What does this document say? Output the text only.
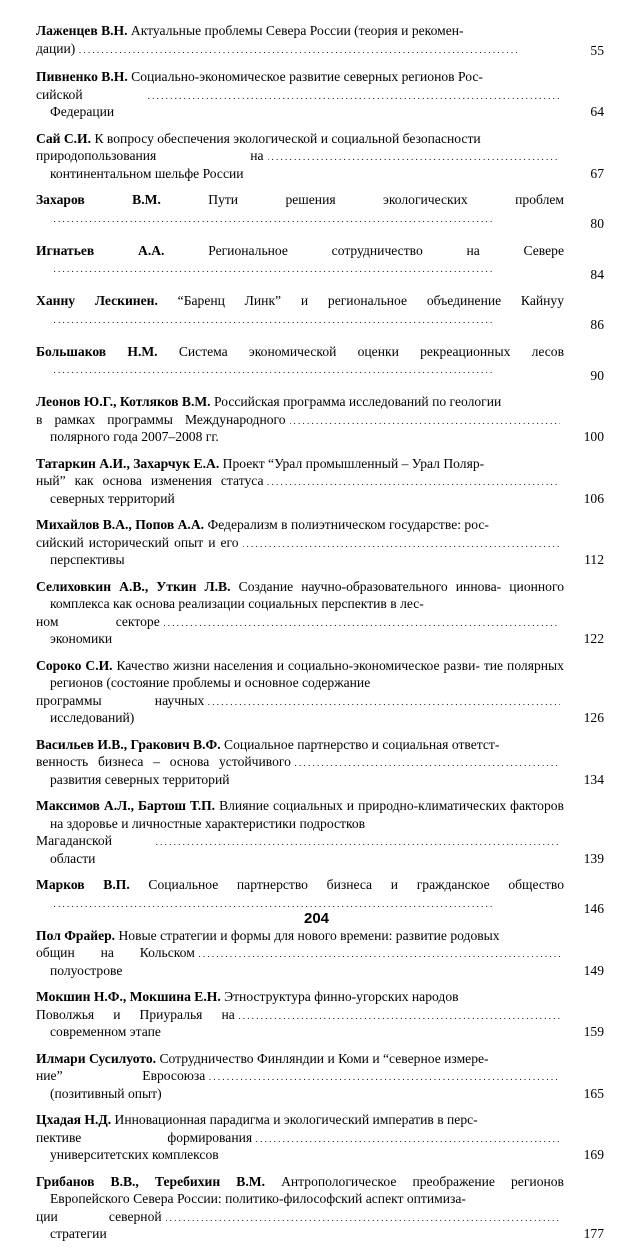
Лаженцев В.Н. Актуальные проблемы Севера России (теория и рекомен-

дации) . . .	55
Пивненко В.Н. Социально-экономическое развитие северных регионов Рос-

сийской Федерации
. . .	64
Сай С.И. К вопросу обеспечения экологической и социальной безопасности

природопользования на континентальном шельфе России
. . .	67
Захаров В.М.	Пути решения экологических проблем. . .
80
Игнатьев А.А.	Региональное сотрудничество на Севере. . .
84
Ханну Лескинен. “Баренц Линк” и региональное объединение Кайнуу. . .
86
Большаков Н.М. Система экономической оценки рекреационных лесов. . .
90
Леонов Ю.Г., Котляков В.М. Российская программа исследований по геологии

в рамках программы Международного полярного года 2007–2008 гг.
. . .	100
Татаркин А.И., Захарчук Е.А. Проект “Урал промышленный – Урал Поляр-

ный” как основа изменения статуса северных территорий
. . .	106
Михайлов В.А., Попов А.А. Федерализм в полиэтническом государстве: рос-

сийский исторический опыт и его перспективы
. . .	112
Селиховкин А.В., Уткин Л.В. Создание научно-образовательного иннова- ционного комплекса как основа реализации социальных перспектив в лес-

ном секторе экономики
. . .	122
Сороко С.И. Качество жизни населения и социально-экономическое разви- тие полярных регионов (состояние проблемы и основное содержание

программы научных исследований)
. . .	126
Васильев И.В., Гракович В.Ф. Социальное партнерство и социальная ответст-

венность бизнеса – основа устойчивого развития северных территорий
. . .	134
Максимов А.Л., Бартош Т.П. Влияние социальных и природно-климатических факторов на здоровье и личностные характеристики подростков

Магаданской области
. . .	139
Марков В.П. Социальное партнерство бизнеса и гражданское общество. . .
146
Пол Фрайер. Новые стратегии и формы для нового времени: развитие родовых

общин на Кольском полуострове
. . .	149
Мокшин Н.Ф., Мокшина Е.Н. Этноструктура финно-угорских народов

Поволжья и Приуралья на современном этапе
. . .	159
Илмари Сусилуото. Сотрудничество Финляндии и Коми и “северное измере-

ние” Евросоюза (позитивный опыт)
. . .	165
Цхадая Н.Д. Инновационная парадигма и экологический императив в перс-

пективе формирования университетских комплексов
. . .	169
Грибанов В.В., Теребихин В.М. Антропологическое преображение регионов Европейского Севера России: политико-философский аспект оптимиза-

ции северной стратегии
. . .	177
204
